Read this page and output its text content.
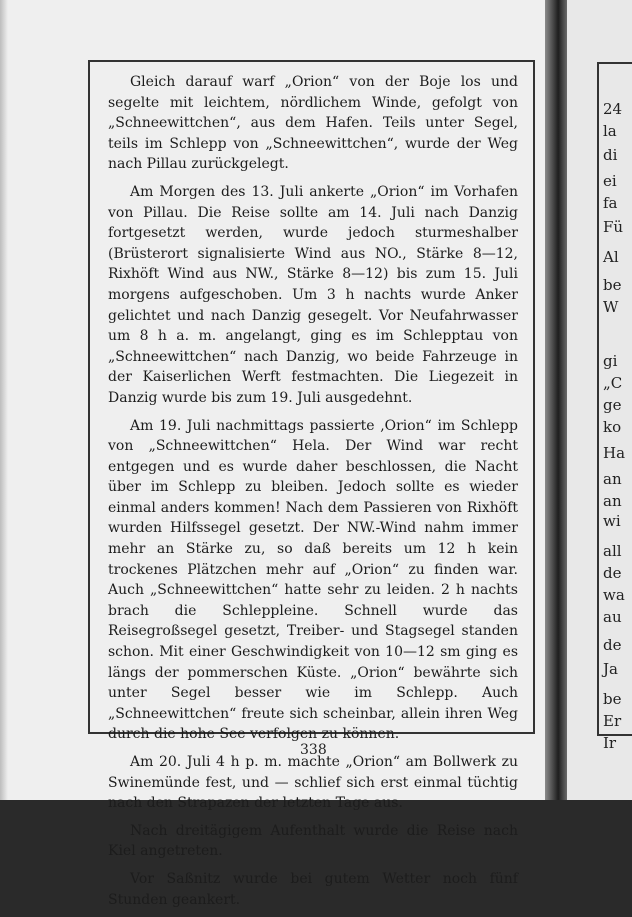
24
la
di
ei
fa
Fü
Al
be
W
gi
„C
ge
ko
Ha
an
an
wi
all
de
wa
au
de
Ja
be
Er
Ir

Gleich darauf warf „Orion“ von der Boje los und segelte mit leichtem, nördlichem Winde, gefolgt von „Schneewittchen“, aus dem Hafen. Teils unter Segel, teils im Schlepp von „Schneewittchen“, wurde der Weg nach Pillau zurückgelegt.

Am Morgen des 13. Juli ankerte „Orion“ im Vorhafen von Pillau. Die Reise sollte am 14. Juli nach Danzig fortgesetzt werden, wurde jedoch sturmeshalber (Brüsterort signalisierte Wind aus NO., Stärke 8—12, Rixhöft Wind aus NW., Stärke 8—12) bis zum 15. Juli morgens aufgeschoben. Um 3 h nachts wurde Anker gelichtet und nach Danzig gesegelt. Vor Neufahrwasser um 8 h a. m. angelangt, ging es im Schlepptau von „Schneewittchen“ nach Danzig, wo beide Fahrzeuge in der Kaiserlichen Werft festmachten. Die Liegezeit in Danzig wurde bis zum 19. Juli ausgedehnt.

Am 19. Juli nachmittags passierte ‚Orion“ im Schlepp von „Schneewittchen“ Hela. Der Wind war recht entgegen und es wurde daher beschlossen, die Nacht über im Schlepp zu bleiben. Jedoch sollte es wieder einmal anders kommen! Nach dem Passieren von Rixhöft wurden Hilfssegel gesetzt. Der NW.-Wind nahm immer mehr an Stärke zu, so daß bereits um 12 h kein trockenes Plätzchen mehr auf „Orion“ zu finden war. Auch „Schneewittchen“ hatte sehr zu leiden. 2 h nachts brach die Schleppleine. Schnell wurde das Reisegroßsegel gesetzt, Treiber- und Stagsegel standen schon. Mit einer Geschwindigkeit von 10—12 sm ging es längs der pommerschen Küste. „Orion“ bewährte sich unter Segel besser wie im Schlepp. Auch „Schneewittchen“ freute sich scheinbar, allein ihren Weg durch die hohe See verfolgen zu können.

Am 20. Juli 4 h p. m. machte „Orion“ am Bollwerk zu Swinemünde fest, und — schlief sich erst einmal tüchtig nach den Strapazen der letzten Tage aus.

Nach dreitägigem Aufenthalt wurde die Reise nach Kiel angetreten.

Vor Saßnitz wurde bei gutem Wetter noch fünf Stunden geankert.

338
